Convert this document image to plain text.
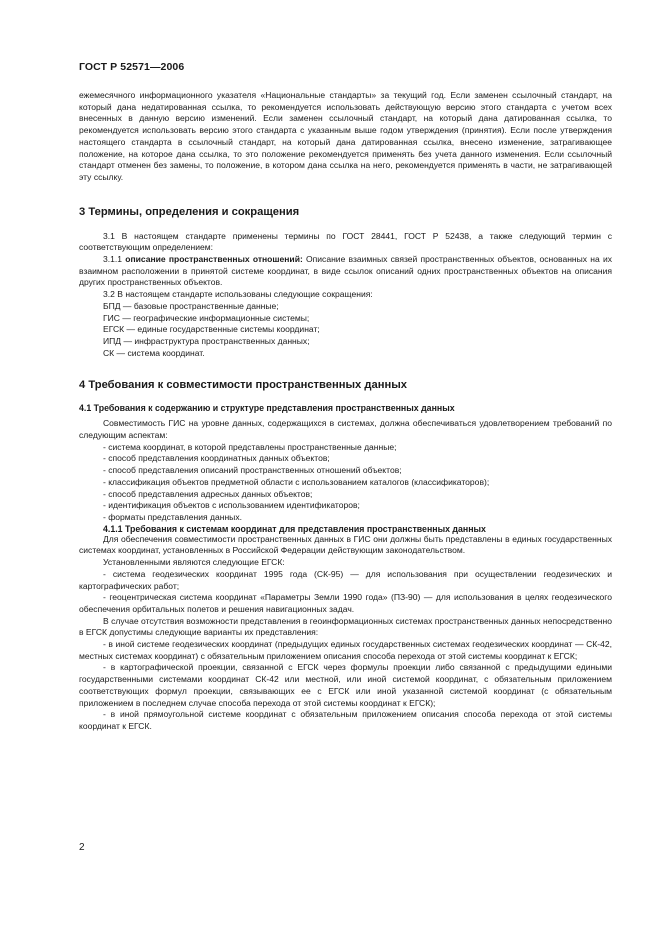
ГОСТ Р 52571—2006

ежемесячного информационного указателя «Национальные стандарты» за текущий год. Если заменен ссылочный стандарт, на который дана недатированная ссылка, то рекомендуется использовать действующую версию этого стандарта с учетом всех внесенных в данную версию изменений. Если заменен ссылочный стандарт, на который дана датированная ссылка, то рекомендуется использовать версию этого стандарта с указанным выше годом утверждения (принятия). Если после утверждения настоящего стандарта в ссылочный стандарт, на который дана датированная ссылка, внесено изменение, затрагивающее положение, на которое дана ссылка, то это положение рекомендуется применять без учета данного изменения. Если ссылочный стандарт отменен без замены, то положение, в котором дана ссылка на него, рекомендуется применять в части, не затрагивающей эту ссылку.

3 Термины, определения и сокращения

3.1 В настоящем стандарте применены термины по ГОСТ 28441, ГОСТ Р 52438, а также следующий термин с соответствующим определением:

3.1.1 описание пространственных отношений: Описание взаимных связей пространственных объектов, основанных на их взаимном расположении в принятой системе координат, в виде ссылок описаний одних пространственных объектов на описания других пространственных объектов.

3.2 В настоящем стандарте использованы следующие сокращения:

БПД — базовые пространственные данные;

ГИС — географические информационные системы;

ЕГСК — единые государственные системы координат;

ИПД — инфраструктура пространственных данных;

СК — система координат.

4 Требования к совместимости пространственных данных

4.1 Требования к содержанию и структуре представления пространственных данных

Совместимость ГИС на уровне данных, содержащихся в системах, должна обеспечиваться удовлетворением требований по следующим аспектам:

- система координат, в которой представлены пространственные данные;

- способ представления координатных данных объектов;

- способ представления описаний пространственных отношений объектов;

- классификация объектов предметной области с использованием каталогов (классификаторов);

- способ представления адресных данных объектов;

- идентификация объектов с использованием идентификаторов;

- форматы представления данных.

4.1.1 Требования к системам координат для представления пространственных данных

Для обеспечения совместимости пространственных данных в ГИС они должны быть представлены в единых государственных системах координат, установленных в Российской Федерации действующим законодательством.

Установленными являются следующие ЕГСК:

- система геодезических координат 1995 года (СК-95) — для использования при осуществлении геодезических и картографических работ;

- геоцентрическая система координат «Параметры Земли 1990 года» (ПЗ-90) — для использования в целях геодезического обеспечения орбитальных полетов и решения навигационных задач.

В случае отсутствия возможности представления в геоинформационных системах пространственных данных непосредственно в ЕГСК допустимы следующие варианты их представления:

- в иной системе геодезических координат (предыдущих единых государственных системах геодезических координат — СК-42, местных системах координат) с обязательным приложением описания способа перехода от этой системы координат к ЕГСК;

- в картографической проекции, связанной с ЕГСК через формулы проекции либо связанной с предыдущими едиными государственными системами координат СК-42 или местной, или иной системой координат, с обязательным приложением соответствующих формул проекции, связывающих ее с ЕГСК или иной указанной системой координат (с обязательным приложением в последнем случае способа перехода от этой системы координат к ЕГСК);

- в иной прямоугольной системе координат с обязательным приложением описания способа перехода от этой системы координат к ЕГСК.

2
